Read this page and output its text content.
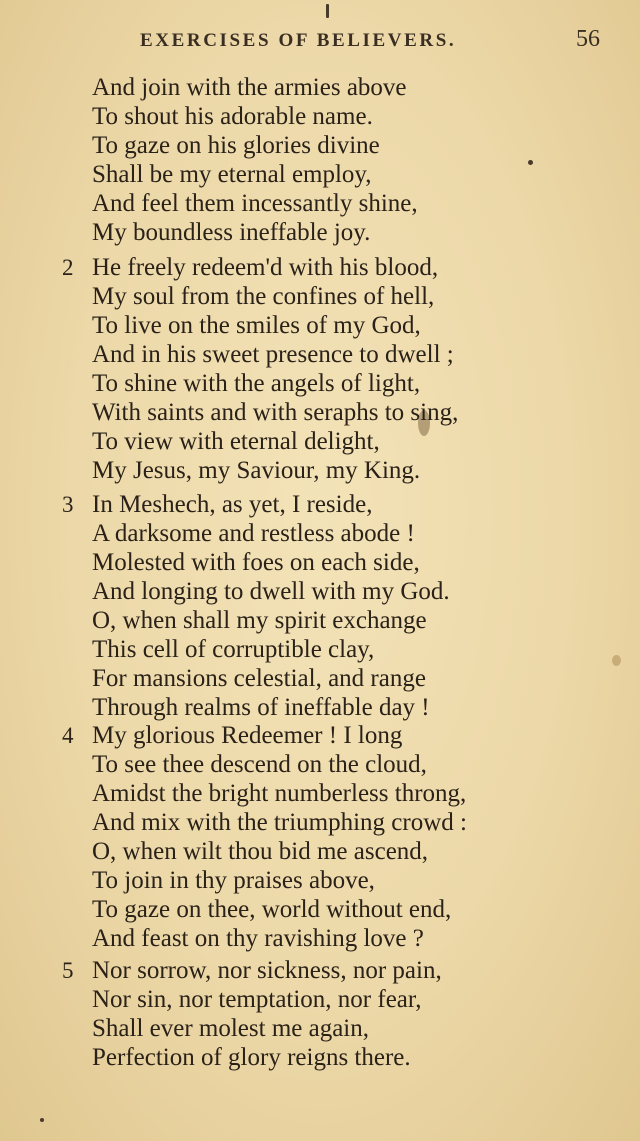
EXERCISES OF BELIEVERS.	56
And join with the armies above
To shout his adorable name.
To gaze on his glories divine
Shall be my eternal employ,
And feel them incessantly shine,
My boundless ineffable joy.
2 He freely redeem'd with his blood,
My soul from the confines of hell,
To live on the smiles of my God,
And in his sweet presence to dwell ;
To shine with the angels of light,
With saints and with seraphs to sing,
To view with eternal delight,
My Jesus, my Saviour, my King.
3 In Meshech, as yet, I reside,
A darksome and restless abode !
Molested with foes on each side,
And longing to dwell with my God.
O, when shall my spirit exchange
This cell of corruptible clay,
For mansions celestial, and range
Through realms of ineffable day !
4 My glorious Redeemer ! I long
To see thee descend on the cloud,
Amidst the bright numberless throng,
And mix with the triumphing crowd :
O, when wilt thou bid me ascend,
To join in thy praises above,
To gaze on thee, world without end,
And feast on thy ravishing love ?
5 Nor sorrow, nor sickness, nor pain,
Nor sin, nor temptation, nor fear,
Shall ever molest me again,
Perfection of glory reigns there.
